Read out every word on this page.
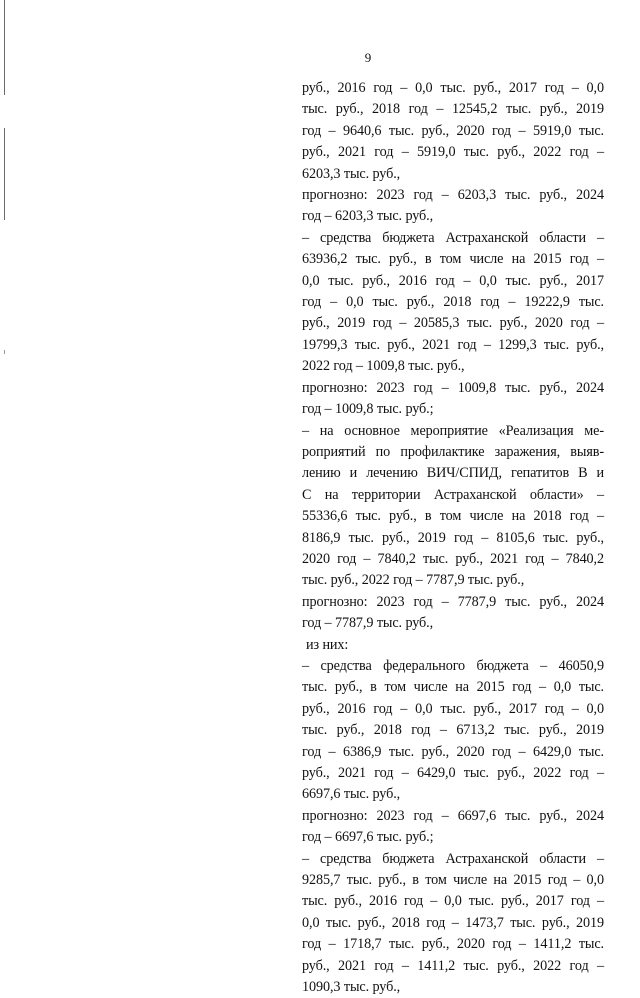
9
руб., 2016 год – 0,0 тыс. руб., 2017 год – 0,0
тыс. руб., 2018 год – 12545,2 тыс. руб., 2019
год – 9640,6 тыс. руб., 2020 год – 5919,0 тыс.
руб., 2021 год – 5919,0 тыс. руб., 2022 год –
6203,3 тыс. руб.,
прогнозно: 2023 год – 6203,3 тыс. руб., 2024
год – 6203,3 тыс. руб.,
– средства бюджета Астраханской области –
63936,2 тыс. руб., в том числе на 2015 год –
0,0 тыс. руб., 2016 год – 0,0 тыс. руб., 2017
год – 0,0 тыс. руб., 2018 год – 19222,9 тыс.
руб., 2019 год – 20585,3 тыс. руб., 2020 год –
19799,3 тыс. руб., 2021 год – 1299,3 тыс. руб.,
2022 год – 1009,8 тыс. руб.,
прогнозно: 2023 год – 1009,8 тыс. руб., 2024
год – 1009,8 тыс. руб.;
– на основное мероприятие «Реализация ме-
роприятий по профилактике заражения, выяв-
лению и лечению ВИЧ/СПИД, гепатитов В и
С на территории Астраханской области» –
55336,6 тыс. руб., в том числе на 2018 год –
8186,9 тыс. руб., 2019 год – 8105,6 тыс. руб.,
2020 год – 7840,2 тыс. руб., 2021 год – 7840,2
тыс. руб., 2022 год – 7787,9 тыс. руб.,
прогнозно: 2023 год – 7787,9 тыс. руб., 2024
год – 7787,9 тыс. руб.,
из них:
– средства федерального бюджета – 46050,9
тыс. руб., в том числе на 2015 год – 0,0 тыс.
руб., 2016 год – 0,0 тыс. руб., 2017 год – 0,0
тыс. руб., 2018 год – 6713,2 тыс. руб., 2019
год – 6386,9 тыс. руб., 2020 год – 6429,0 тыс.
руб., 2021 год – 6429,0 тыс. руб., 2022 год –
6697,6 тыс. руб.,
прогнозно: 2023 год – 6697,6 тыс. руб., 2024
год – 6697,6 тыс. руб.;
– средства бюджета Астраханской области –
9285,7 тыс. руб., в том числе на 2015 год – 0,0
тыс. руб., 2016 год – 0,0 тыс. руб., 2017 год –
0,0 тыс. руб., 2018 год – 1473,7 тыс. руб., 2019
год – 1718,7 тыс. руб., 2020 год – 1411,2 тыс.
руб., 2021 год – 1411,2 тыс. руб., 2022 год –
1090,3 тыс. руб.,
